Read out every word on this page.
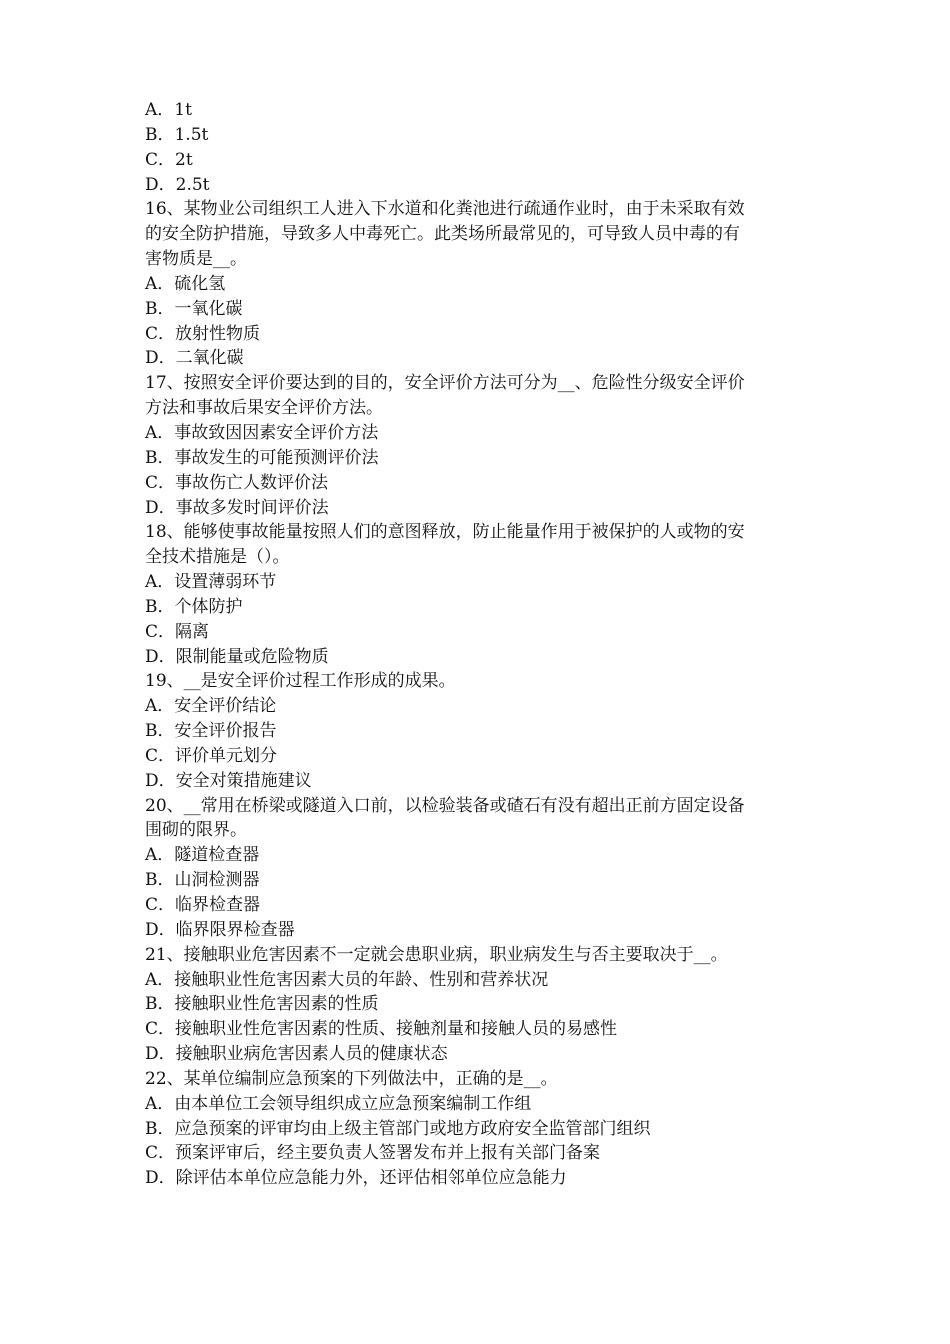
A．1t
B．1.5t
C．2t
D．2.5t
16、某物业公司组织工人进入下水道和化粪池进行疏通作业时，由于未采取有效
的安全防护措施，导致多人中毒死亡。此类场所最常见的，可导致人员中毒的有
害物质是__。
A．硫化氢
B．一氧化碳
C．放射性物质
D．二氧化碳
17、按照安全评价要达到的目的，安全评价方法可分为__、危险性分级安全评价
方法和事故后果安全评价方法。
A．事故致因因素安全评价方法
B．事故发生的可能预测评价法
C．事故伤亡人数评价法
D．事故多发时间评价法
18、能够使事故能量按照人们的意图释放，防止能量作用于被保护的人或物的安
全技术措施是（）。
A．设置薄弱环节
B．个体防护
C．隔离
D．限制能量或危险物质
19、__是安全评价过程工作形成的成果。
A．安全评价结论
B．安全评价报告
C．评价单元划分
D．安全对策措施建议
20、__常用在桥梁或隧道入口前，以检验装备或碴石有没有超出正前方固定设备
围砌的限界。
A．隧道检查器
B．山洞检测器
C．临界检查器
D．临界限界检查器
21、接触职业危害因素不一定就会患职业病，职业病发生与否主要取决于__。
A．接触职业性危害因素大员的年龄、性别和营养状况
B．接触职业性危害因素的性质
C．接触职业性危害因素的性质、接触剂量和接触人员的易感性
D．接触职业病危害因素人员的健康状态
22、某单位编制应急预案的下列做法中，正确的是__。
A．由本单位工会领导组织成立应急预案编制工作组
B．应急预案的评审均由上级主管部门或地方政府安全监管部门组织
C．预案评审后，经主要负责人签署发布并上报有关部门备案
D．除评估本单位应急能力外，还评估相邻单位应急能力
